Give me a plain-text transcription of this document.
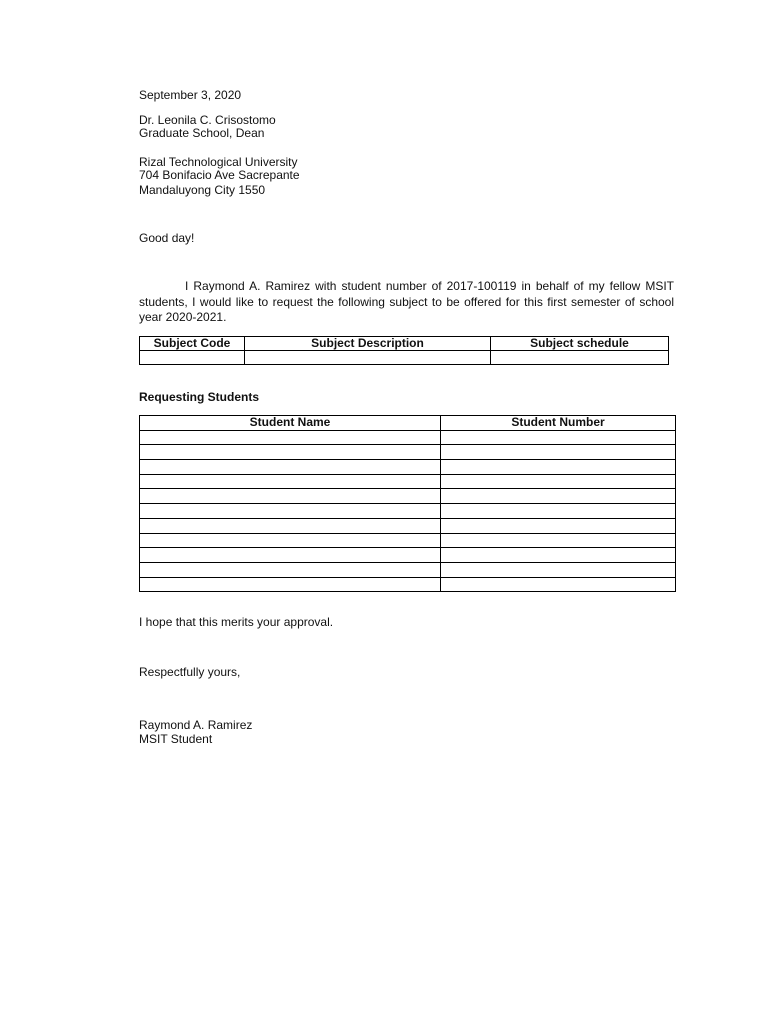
September 3, 2020
Dr. Leonila C. Crisostomo
Graduate School, Dean
Rizal Technological University
704 Bonifacio Ave Sacrepante
Mandaluyong City 1550
Good day!
I Raymond A. Ramirez with student number of 2017-100119 in behalf of my fellow MSIT students, I would like to request the following subject to be offered for this first semester of school year 2020-2021.
Subject Code	Subject Description	Subject schedule

Requesting Students
Student Name	Student Number

I hope that this merits your approval.
Respectfully yours,
Raymond A. Ramirez
MSIT Student
